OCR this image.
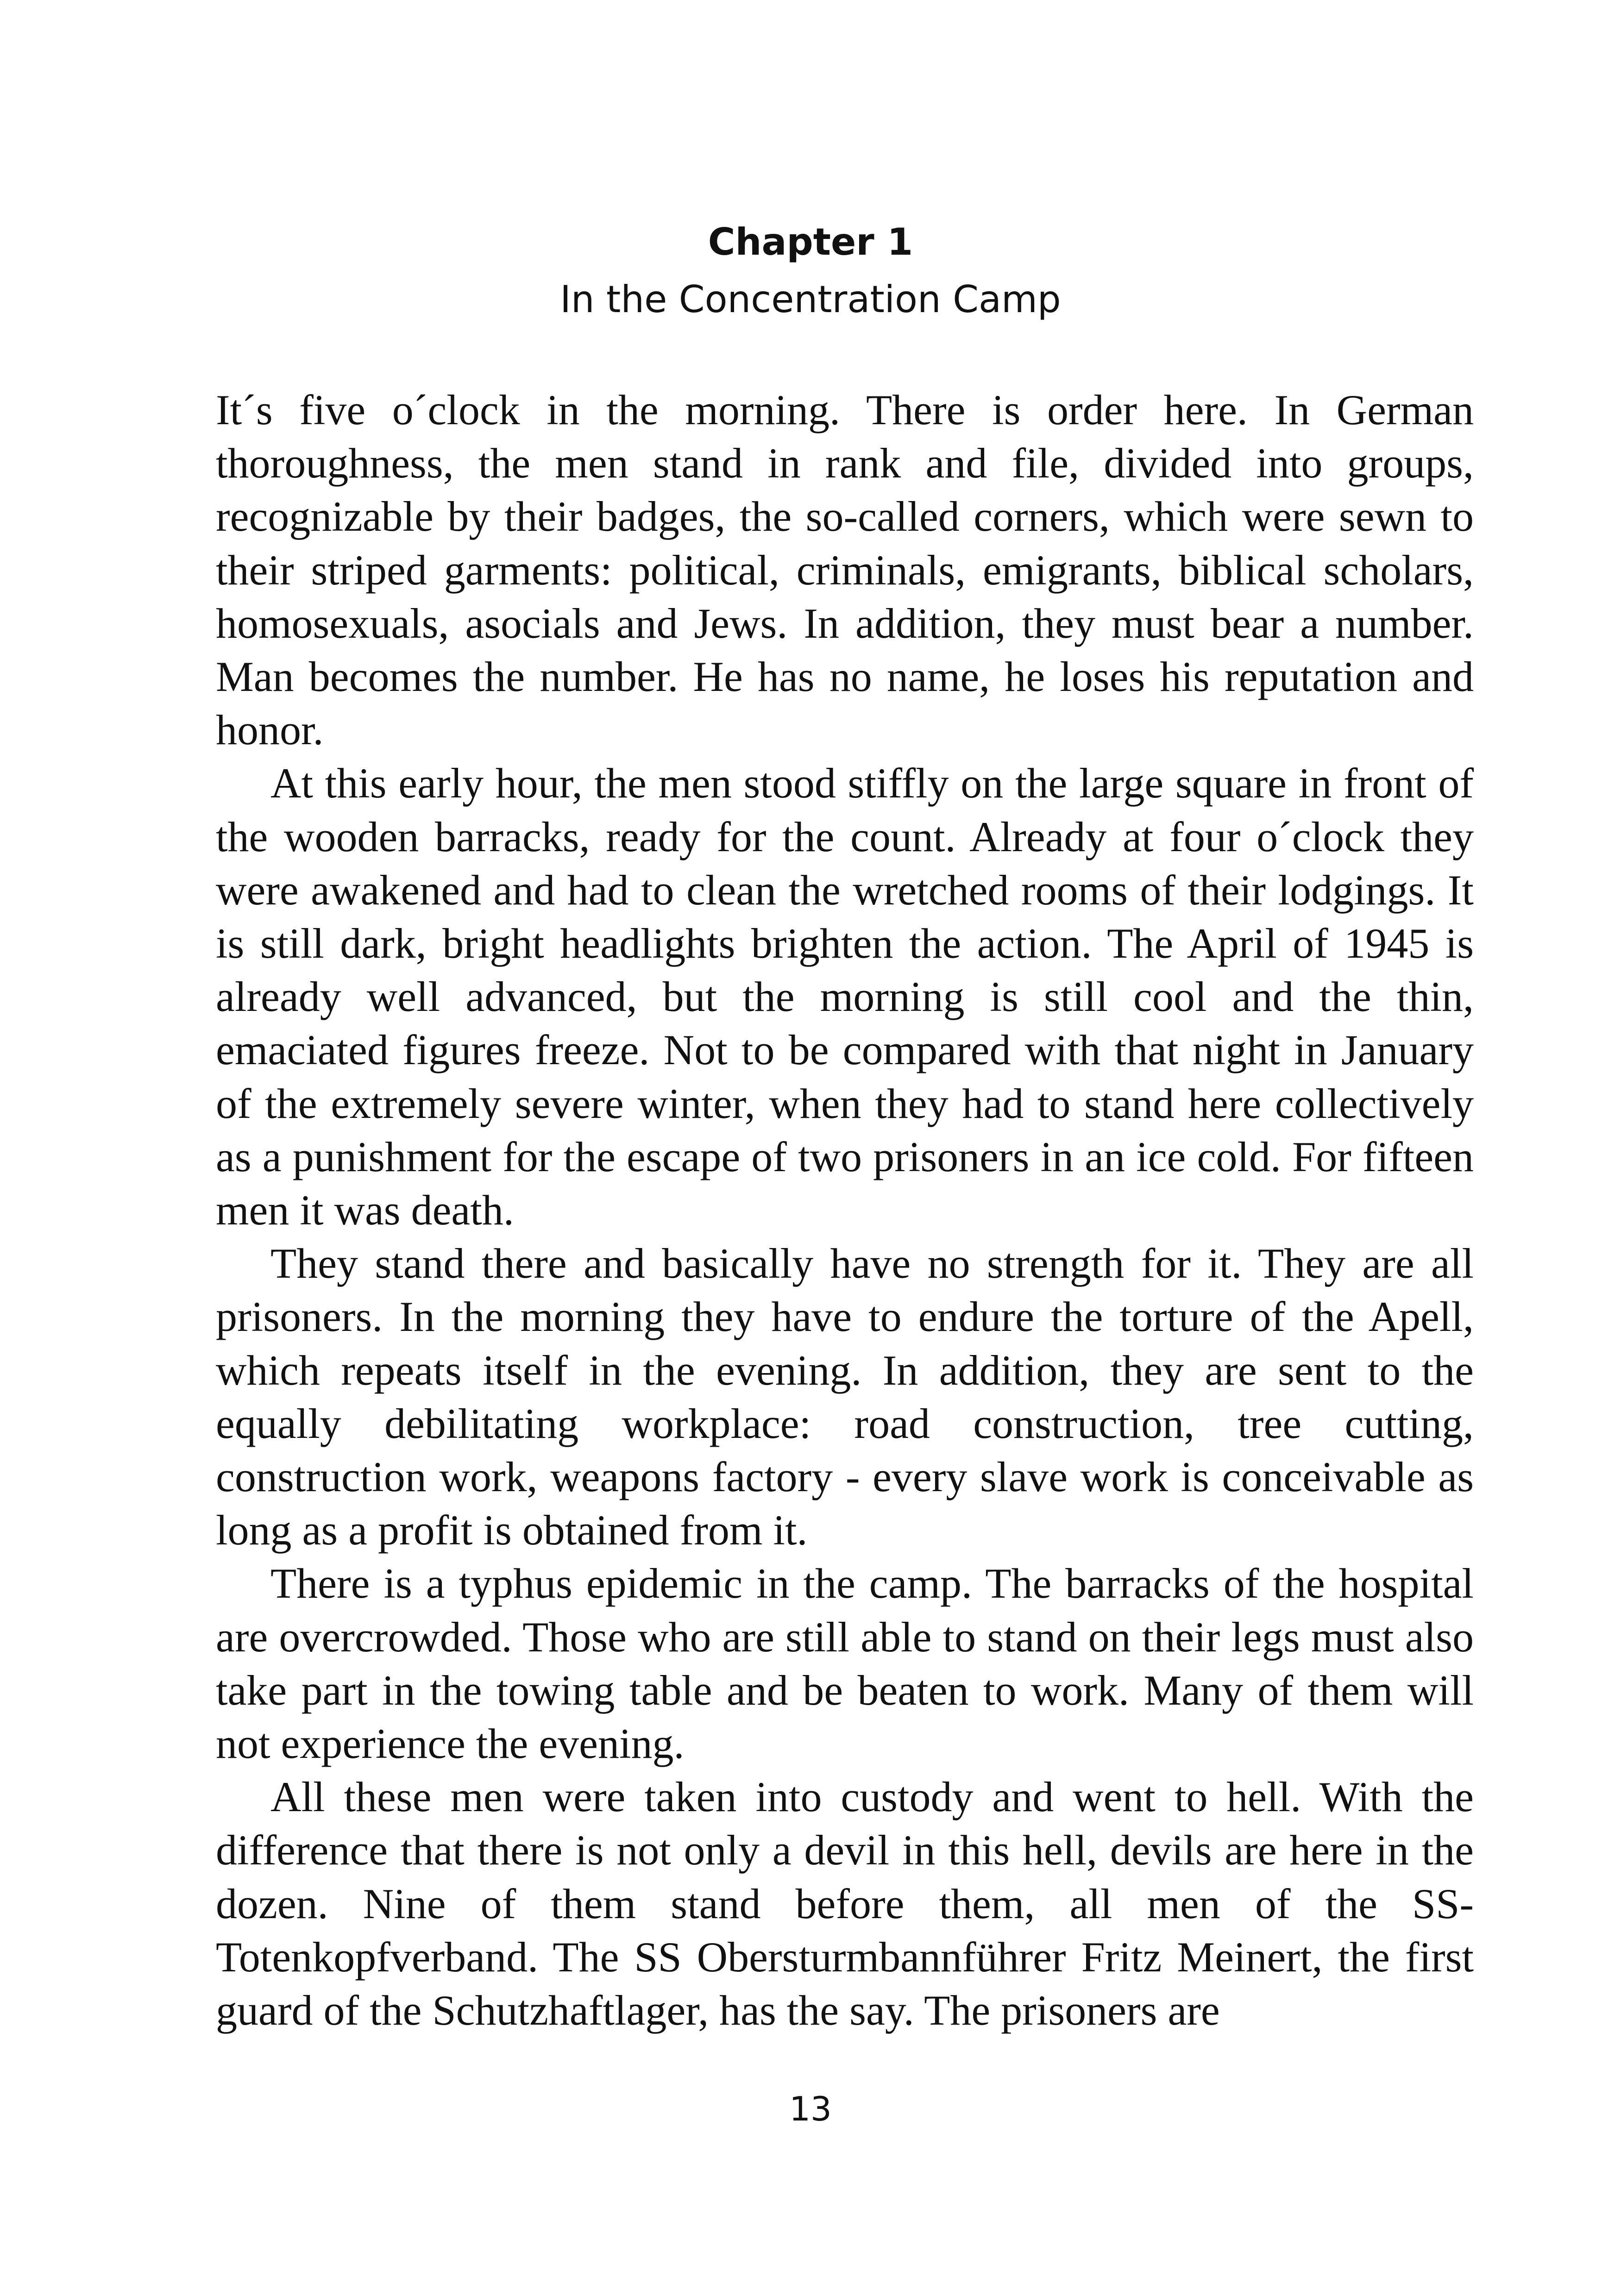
Chapter 1
In the Concentration Camp

It´s five o´clock in the morning. There is order here. In German thoroughness, the men stand in rank and file, divided into groups, recognizable by their badges, the so-called corners, which were sewn to their striped garments: political, criminals, emigrants, biblical scholars, homosexuals, asocials and Jews. In addition, they must bear a number. Man becomes the number. He has no name, he loses his reputation and honor.

At this early hour, the men stood stiffly on the large square in front of the wooden barracks, ready for the count. Already at four o´clock they were awakened and had to clean the wretched rooms of their lodgings. It is still dark, bright headlights brighten the action. The April of 1945 is already well advanced, but the morning is still cool and the thin, emaciated figures freeze. Not to be compared with that night in January of the extremely severe winter, when they had to stand here collectively as a punishment for the escape of two prisoners in an ice cold. For fifteen men it was death.

They stand there and basically have no strength for it. They are all prisoners. In the morning they have to endure the torture of the Apell, which repeats itself in the evening. In addition, they are sent to the equally debilitating workplace: road construction, tree cutting, construction work, weapons factory - every slave work is conceivable as long as a profit is obtained from it.

There is a typhus epidemic in the camp. The barracks of the hospital are overcrowded. Those who are still able to stand on their legs must also take part in the towing table and be beaten to work. Many of them will not experience the evening.

All these men were taken into custody and went to hell. With the difference that there is not only a devil in this hell, devils are here in the dozen. Nine of them stand before them, all men of the SS-Totenkopfverband. The SS Obersturmbannführer Fritz Meinert, the first guard of the Schutzhaftlager, has the say. The prisoners are

13
